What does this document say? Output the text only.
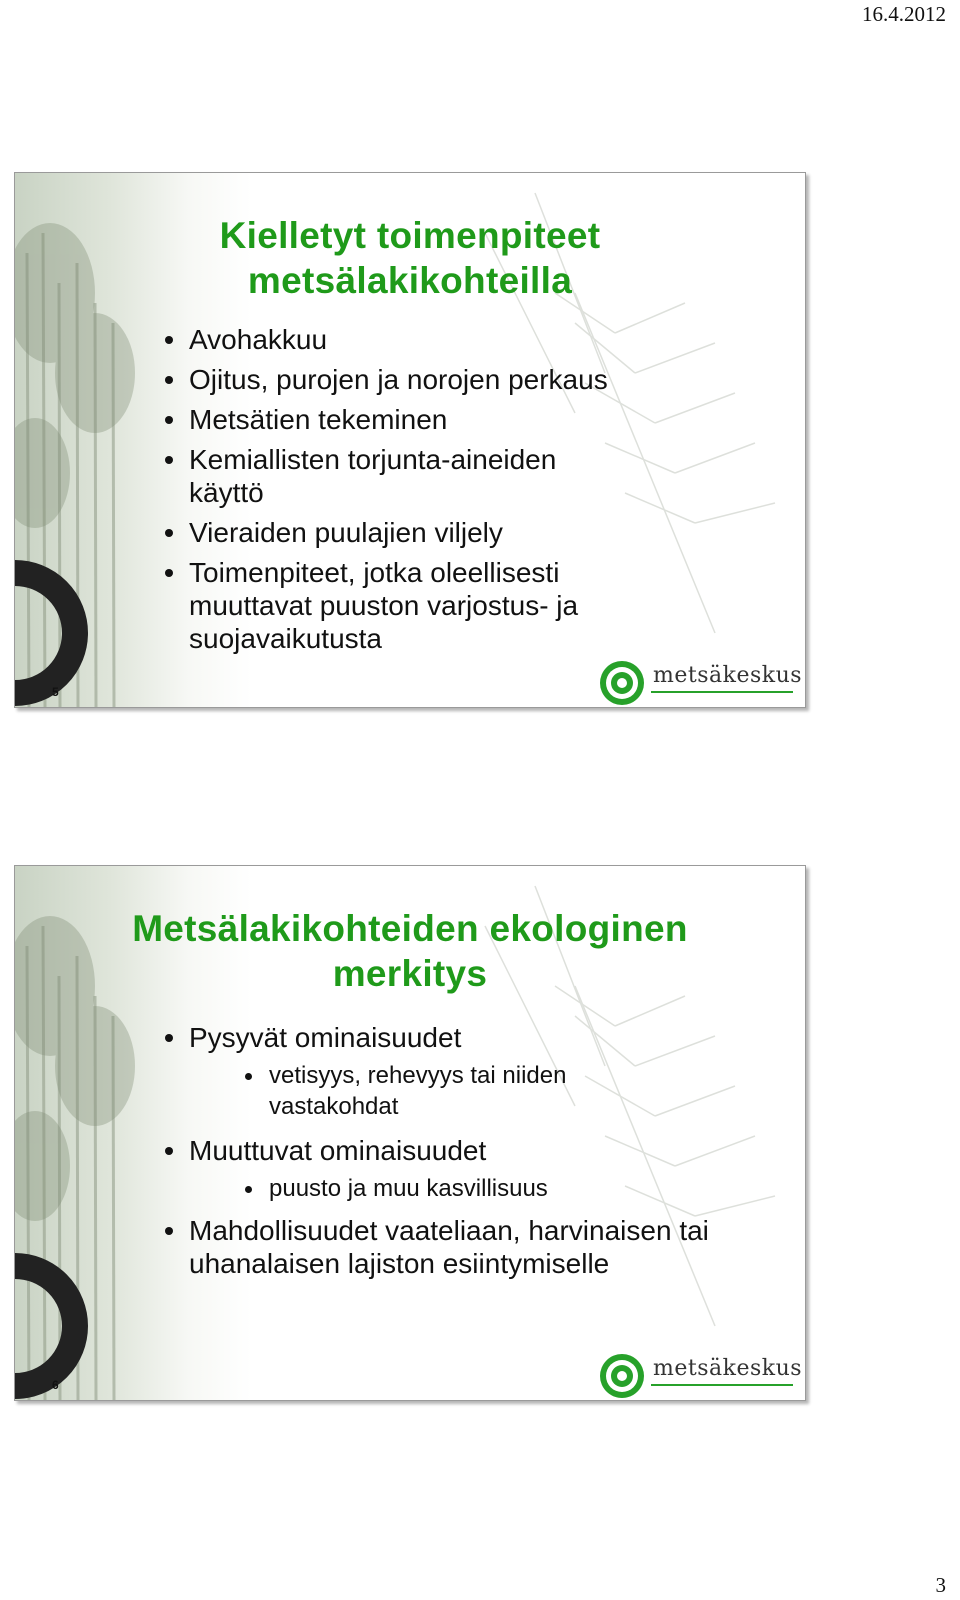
16.4.2012
Kielletyt toimenpiteet
metsälakikohteilla
Avohakkuu
Ojitus, purojen ja norojen perkaus
Metsätien tekeminen
Kemiallisten torjunta-aineiden käyttö
Vieraiden puulajien viljely
Toimenpiteet, jotka oleellisesti muuttavat puuston varjostus- ja suojavaikutusta
5
metsäkeskus
Metsälakikohteiden ekologinen
merkitys
Pysyvät ominaisuudet
vetisyys, rehevyys tai niiden vastakohdat
Muuttuvat ominaisuudet
puusto ja muu kasvillisuus
Mahdollisuudet vaateliaan, harvinaisen tai uhanalaisen lajiston esiintymiselle
6
metsäkeskus
3
